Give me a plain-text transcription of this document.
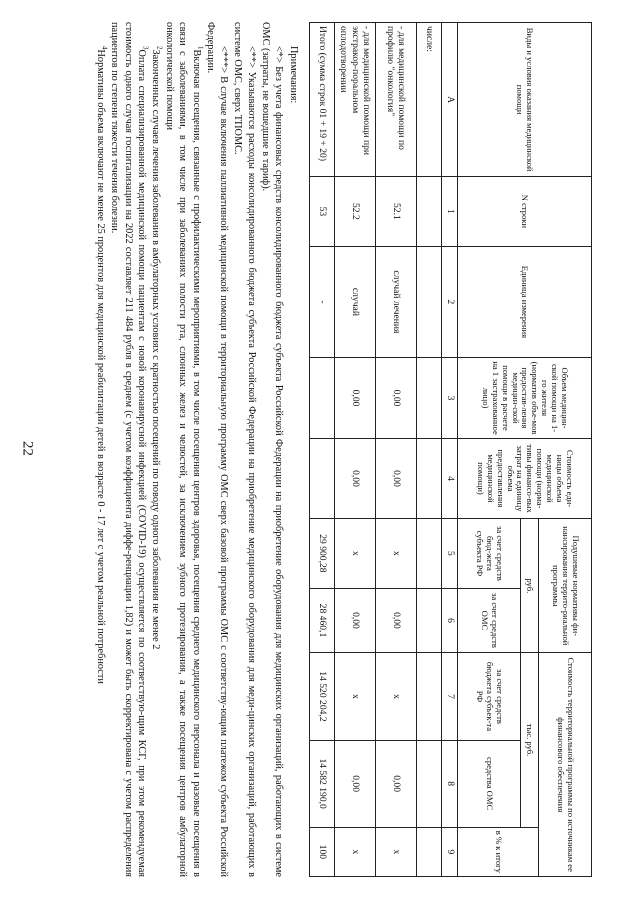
22
Виды и условия оказания медицинской помощи	N строки	Единица измерения	Объем медицин-ской помощи на 1-го жителя (норматив объе-мов предостав-ления медицин-ской помощи в расчете на 1 застрахованное лицо)	Стоимость еди-ницы объема медицинской помощи (норма-тивы финансо-вых затрат на единицу объема предоставления медицинской помощи)	Подушевые нормативы фи-нансирования террито-риальной программы		Стоимость территориальной программы по источникам ее финансового обеспечения		
					руб.		тыс. руб.		в % к итогу
					за счет средств бюд-жета субъекта РФ	за счет средств ОМС	за счет средств бюджета субъек-та РФ	средства ОМС	
А	1	2	3	4	5	6	7	8	9
числе:									
- для медицинской помощи по профилю "онкология"	52.1	случай лечения	0,00	0,00	х	0,00	х	0,00	х
- для медицинской помощи при экстракор-поральном оплодотворении	52.2	случай	0,00	0,00	х	0,00	х	0,00	х
Итого (сумма строк 01 + 19 + 20)	53	-			29 900,28	28 460,1	14 520 204,2	14 582 190,0	100

Примечания:

<*> Без учета финансовых средств консолидированного бюджета субъекта Российской Федерации на приобретение оборудования для медицинских организаций, работающих в системе ОМС (затраты, не вошедшие в тариф).

<**> Указываются расходы консолидированного бюджета субъекта Российской Федерации на приобретение медицинского оборудования для меди-цинских организаций, работающих в системе ОМС, сверх ТПОМС.

<***> В случае включения паллиативной медицинской помощи в территориальную программу ОМС сверх базовой программы ОМС с соответству-ющим платежом субъекта Российской Федерации.

$^1$Включая посещения, связанные с профилактическими мероприятиями, в том числе посещения центров здоровья, посещения среднего медицинского персонала и разовые посещения в связи с заболеваниями, в том числе при заболеваниях полости рта, слюнных желез и челюстей, за исключением зубного протезирования, а также посещения центров амбулаторной онкологической помощи

$^2$Законченных случаев лечения заболевания в амбулаторных условиях с кратностью посещений по поводу одного заболевания не менее 2

$^3$Оплата специализированной медицинской помощи пациентам с новой коронавирусной инфекцией (COVID-19) осуществляется по соответствую-щим КСГ, при этом рекомендуемая стоимость одного случая госпитализации на 2022 составляет 211 484 рубля в среднем (с учетом коэффициента диффе-ренциации 1,82) и может быть скорректирована с учетом распределения пациентов по степени тяжести течения болезни.

$^4$Нормативы объема включают не менее 25 процентов для медицинской реабилитации детей в возрасте 0 - 17 лет с учетом реальной потребности
